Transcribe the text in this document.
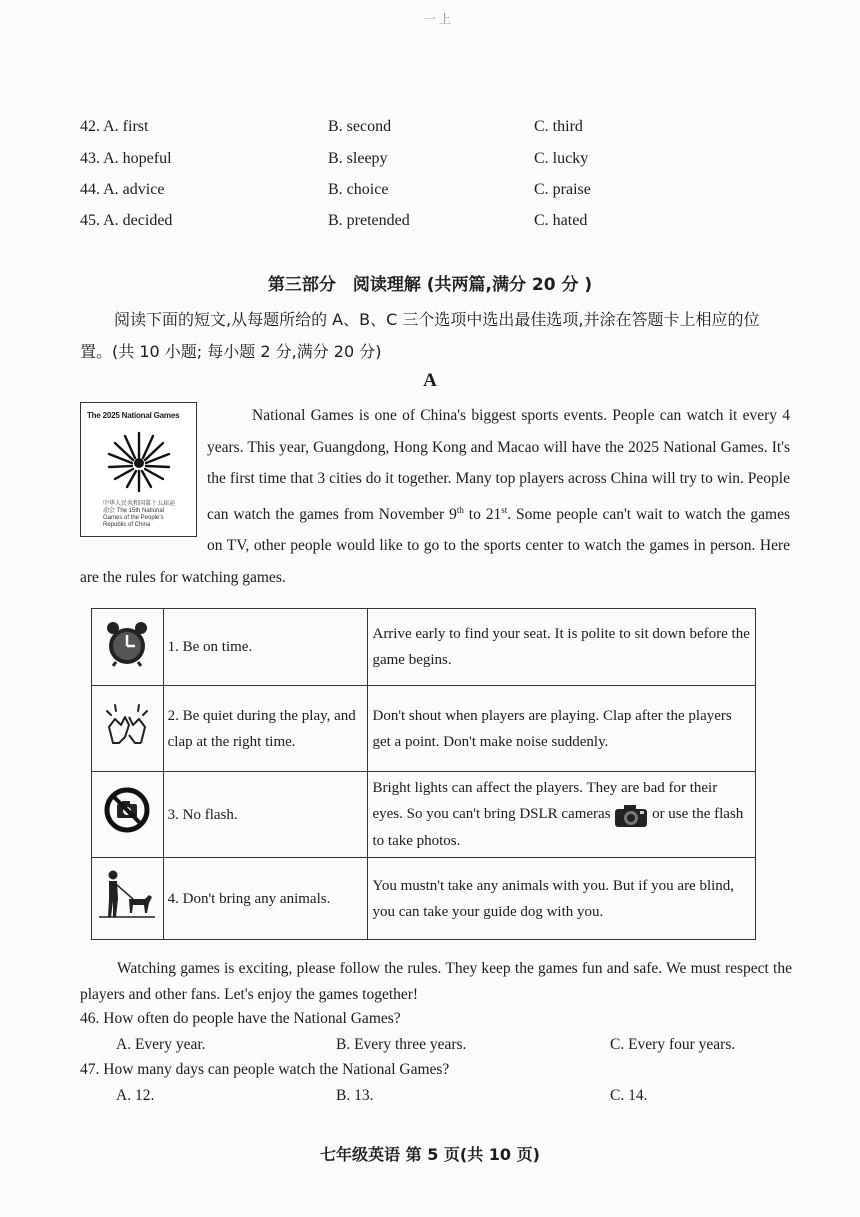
一 上
42. A. first	B. second	C. third
43. A. hopeful	B. sleepy	C. lucky
44. A. advice	B. choice	C. praise
45. A. decided	B. pretended	C. hated
第三部分　阅读理解 (共两篇,满分 20 分 )
阅读下面的短文,从每题所给的 A、B、C 三个选项中选出最佳选项,并涂在答题卡上相应的位置。(共 10 小题; 每小题 2 分,满分 20 分)
A
The 2025 National Games
中华人民共和国第十五届运动会 The 15th National Games of the People's Republic of China

National Games is one of China's biggest sports events. People can watch it every 4 years. This year, Guangdong, Hong Kong and Macao will have the 2025 National Games. It's the first time that 3 cities do it together. Many top players across China will try to win. People can watch the games from November 9th to 21st. Some people can't wait to watch the games on TV, other people would like to go to the sports center to watch the games in person. Here are the rules for watching games.

	1. Be on time.	Arrive early to find your seat. It is polite to sit down before the game begins.
	2. Be quiet during the play, and clap at the right time.	Don't shout when players are playing. Clap after the players get a point. Don't make noise suddenly.
	3. No flash.	Bright lights can affect the players. They are bad for their eyes. So you can't bring DSLR cameras or use the flash to take photos.
	4. Don't bring any animals.	You mustn't take any animals with you. But if you are blind, you can take your guide dog with you.
Watching games is exciting, please follow the rules. They keep the games fun and safe. We must respect the players and other fans. Let's enjoy the games together!
46. How often do people have the National Games?
A. Every year.	B. Every three years.	C. Every four years.
47. How many days can people watch the National Games?
A. 12.	B. 13.	C. 14.
七年级英语 第 5 页(共 10 页)
